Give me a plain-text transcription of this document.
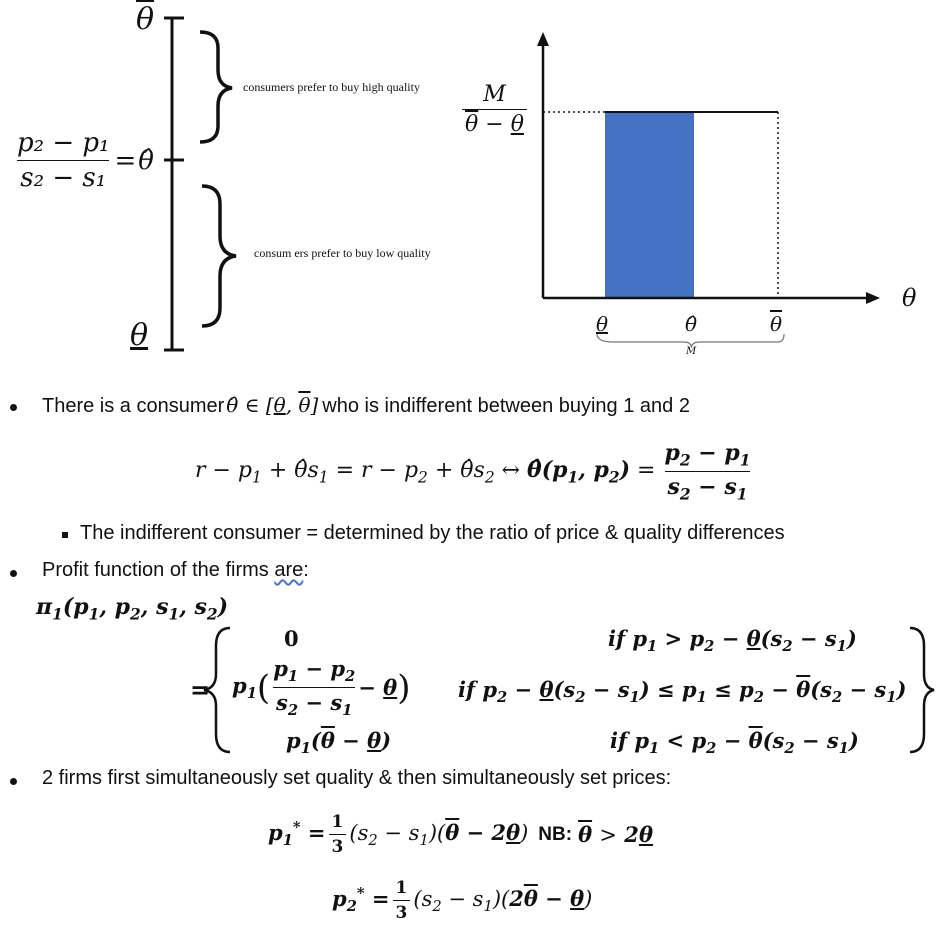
$\overline{\theta}$
θ
$\frac{\text{p₂ − p₁}}{\text{s₂ − s₁}}$ = θ̂
consumers prefer to buy high quality
consum ers prefer to buy low quality
$\frac{M}{\overline{\theta} - \theta}$
θ
θ	θ̂	$\overline{\theta}$
M
There is a consumer θ̂ ∈ [θ, $\overline{\theta}$] who is indifferent between buying 1 and 2
$r - p_1$ + $\thetâs_1 = r - p_2$ + $\thetâs_2$ ↔ $\thetâ(p_1$, $p_2) = \frac{p_2 - p_1}{s_2 - s_1}$
The indifferent consumer = determined by the ratio of price & quality differences
Profit function of the firms are:
$\pi_1(p_1$, $p_2$, $s_1$, $s_2$)
=
0	if $p_1 > p_2 - \theta(s_2 - s_1)$
$p_1$ ( $\frac{p_1 - p_2}{s_2 - s_1} - \theta$ ) if $p_2 - \theta(s_2 - s_1) \le p_1 \le p_2 - \overline{\theta}(s_2 - s_1)$
$p_1(\overline{\theta} - \theta)$	if $p_1 < p_2 - \overline{\theta}(s_2 - s_1)$
2 firms first simultaneously set quality & then simultaneously set prices:
$p_1^* = \frac{1}{3} (s_2 - s_1)(\overline{\theta} - 2\theta)$ NB: $\overline{\theta} > 2\theta$
$p_2^* = \frac{1}{3} (s_2 - s_1)(2\overline{\theta} - \theta)$
